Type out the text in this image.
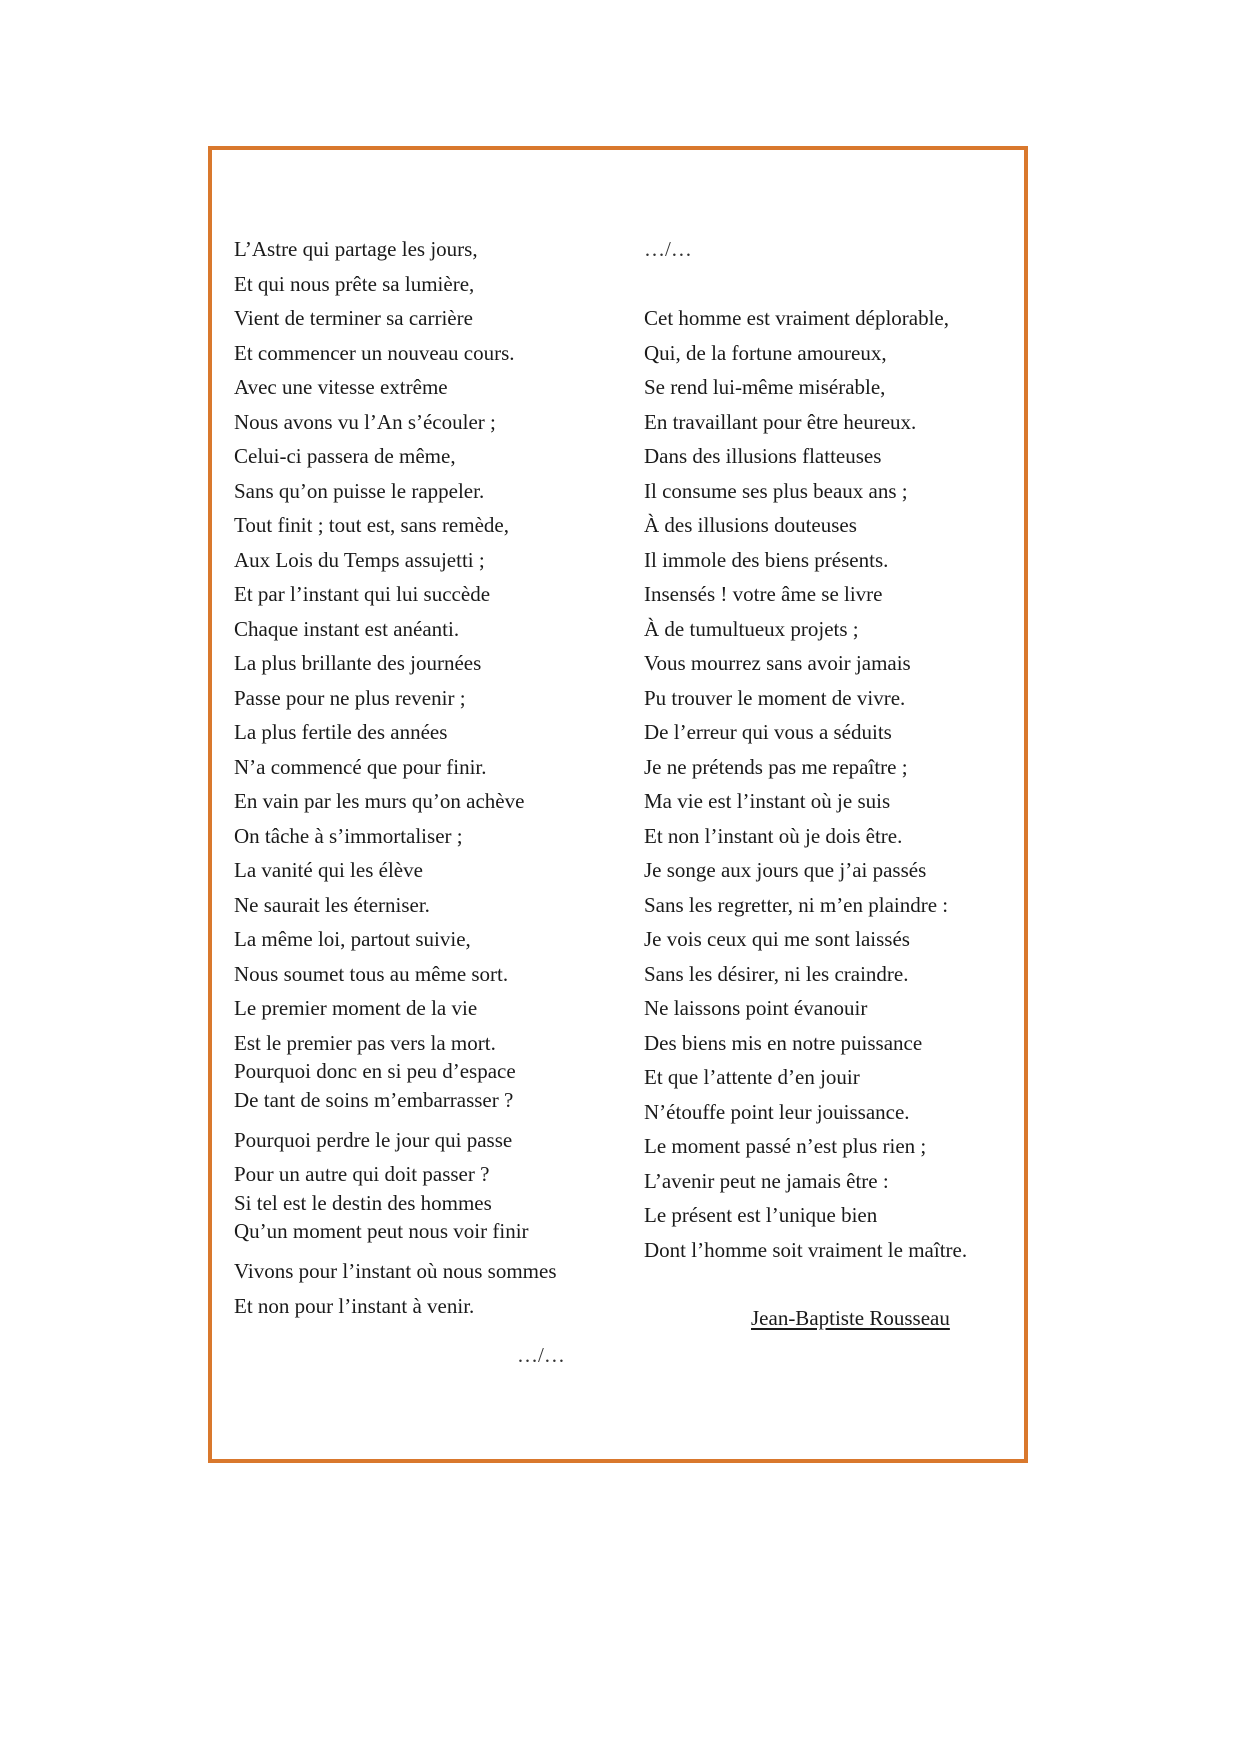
L’Astre qui partage les jours,
Et qui nous prête sa lumière,
Vient de terminer sa carrière
Et commencer un nouveau cours.
Avec une vitesse extrême
Nous avons vu l’An s’écouler ;
Celui-ci passera de même,
Sans qu’on puisse le rappeler.
Tout finit ; tout est, sans remède,
Aux Lois du Temps assujetti ;
Et par l’instant qui lui succède
Chaque instant est anéanti.
La plus brillante des journées
Passe pour ne plus revenir ;
La plus fertile des années
N’a commencé que pour finir.
En vain par les murs qu’on achève
On tâche à s’immortaliser ;
La vanité qui les élève
Ne saurait les éterniser.
La même loi, partout suivie,
Nous soumet tous au même sort.
Le premier moment de la vie
Est le premier pas vers la mort.
Pourquoi donc en si peu d’espace
De tant de soins m’embarrasser ?
Pourquoi perdre le jour qui passe
Pour un autre qui doit passer ?
Si tel est le destin des hommes
Qu’un moment peut nous voir finir
Vivons pour l’instant où nous sommes
Et non pour l’instant à venir.
…/…
…/…
Cet homme est vraiment déplorable,
Qui, de la fortune amoureux,
Se rend lui-même misérable,
En travaillant pour être heureux.
Dans des illusions flatteuses
Il consume ses plus beaux ans ;
À des illusions douteuses
Il immole des biens présents.
Insensés ! votre âme se livre
À de tumultueux projets ;
Vous mourrez sans avoir jamais
Pu trouver le moment de vivre.
De l’erreur qui vous a séduits
Je ne prétends pas me repaître ;
Ma vie est l’instant où je suis
Et non l’instant où je dois être.
Je songe aux jours que j’ai passés
Sans les regretter, ni m’en plaindre :
Je vois ceux qui me sont laissés
Sans les désirer, ni les craindre.
Ne laissons point évanouir
Des biens mis en notre puissance
Et que l’attente d’en jouir
N’étouffe point leur jouissance.
Le moment passé n’est plus rien ;
L’avenir peut ne jamais être :
Le présent est l’unique bien
Dont l’homme soit vraiment le maître.
Jean-Baptiste Rousseau
